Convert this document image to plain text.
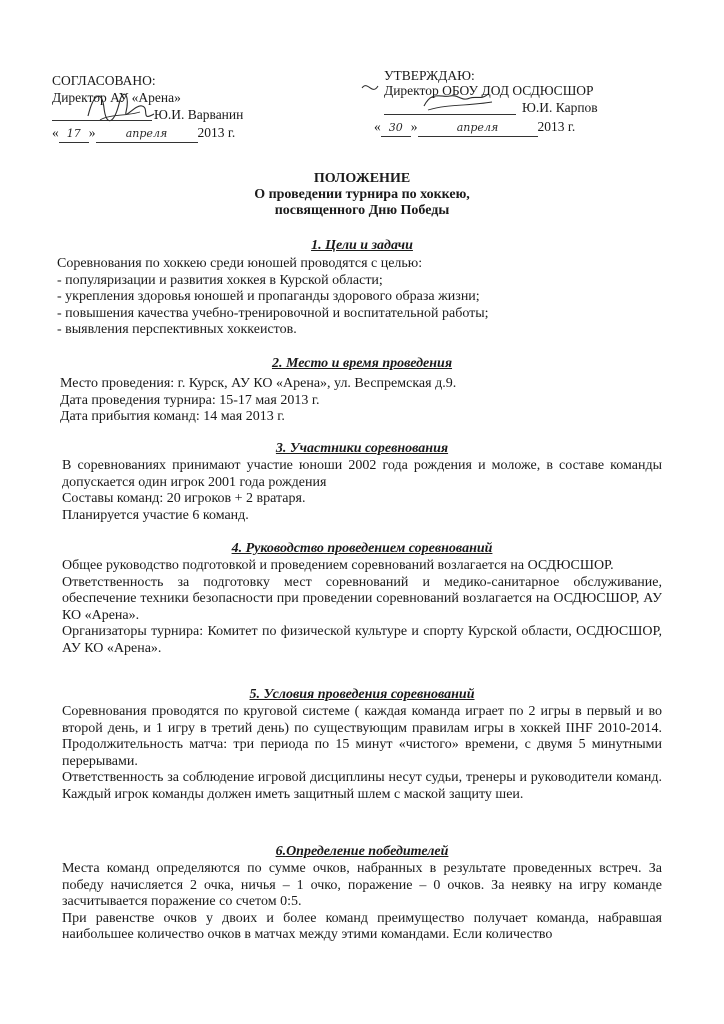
СОГЛАСОВАНО:
Директор АУ «Арена»
Ю.И. Варванин
« 17 »	апреля 2013 г.
УТВЕРЖДАЮ:
Директор ОБОУ ДОД ОСДЮСШОР
Ю.И. Карпов
« 30 »	апреля	2013 г.
ПОЛОЖЕНИЕ
О проведении турнира по хоккею,
посвященного Дню Победы
1. Цели и задачи

Соревнования по хоккею среди юношей проводятся с целью:

- популяризации и развития хоккея в Курской области;

- укрепления здоровья юношей и пропаганды здорового образа жизни;

- повышения качества учебно-тренировочной и воспитательной работы;

- выявления перспективных хоккеистов.

2. Место и время проведения

Место проведения: г. Курск, АУ КО «Арена», ул. Веспремская д.9.

Дата проведения турнира: 15-17 мая 2013 г.

Дата прибытия команд: 14 мая 2013 г.

3. Участники соревнования

В соревнованиях принимают участие юноши 2002 года рождения и моложе, в составе команды допускается один игрок 2001 года рождения

Составы команд: 20 игроков + 2 вратаря.

Планируется участие 6 команд.

4. Руководство проведением соревнований

Общее руководство подготовкой и проведением соревнований возлагается на ОСДЮСШОР.

Ответственность за подготовку мест соревнований и медико-санитарное обслуживание, обеспечение техники безопасности при проведении соревнований возлагается на ОСДЮСШОР, АУ КО «Арена».

Организаторы турнира: Комитет по физической культуре и спорту Курской области, ОСДЮСШОР, АУ КО «Арена».

5. Условия проведения соревнований

Соревнования проводятся по круговой системе ( каждая команда играет по 2 игры в первый и во второй день, и 1 игру в третий день) по существующим правилам игры в хоккей IIHF 2010-2014. Продолжительность матча: три периода по 15 минут «чистого» времени, с двумя 5 минутными перерывами.

Ответственность за соблюдение игровой дисциплины несут судьи, тренеры и руководители команд. Каждый игрок команды должен иметь защитный шлем с маской защиту шеи.

6.Определение победителей

Места команд определяются по сумме очков, набранных в результате проведенных встреч. За победу начисляется 2 очка, ничья – 1 очко, поражение – 0 очков. За неявку на игру команде засчитывается поражение со счетом 0:5.

При равенстве очков у двоих и более команд преимущество получает команда, набравшая наибольшее количество очков в матчах между этими командами. Если количество
